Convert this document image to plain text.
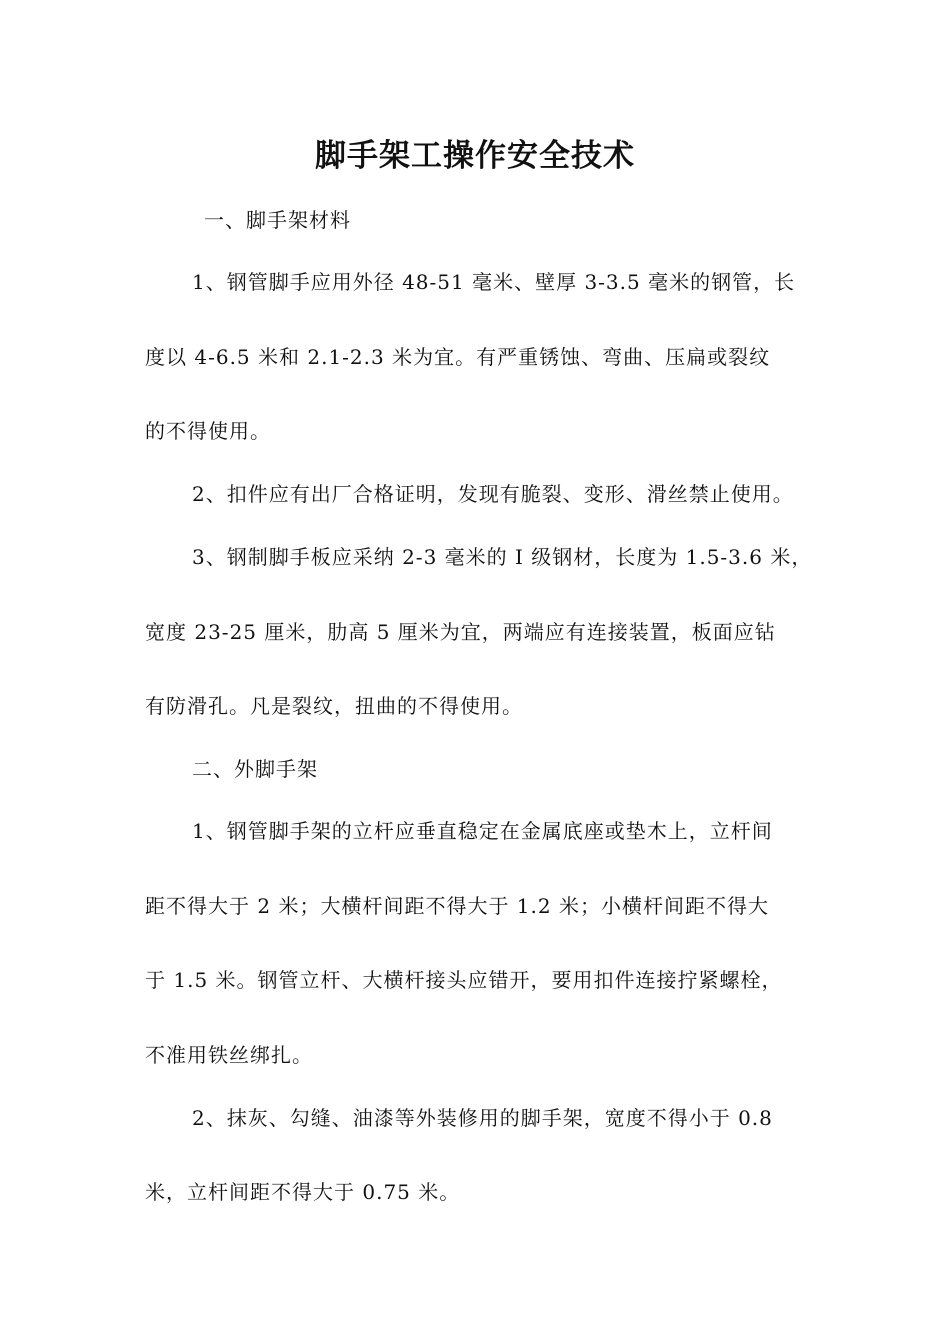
脚手架工操作安全技术

一、脚手架材料

1、钢管脚手应用外径 48-51 毫米、壁厚 3-3.5 毫米的钢管，长

度以 4-6.5 米和 2.1-2.3 米为宜。有严重锈蚀、弯曲、压扁或裂纹

的不得使用。

2、扣件应有出厂合格证明，发现有脆裂、变形、滑丝禁止使用。

3、钢制脚手板应采纳 2-3 毫米的 I 级钢材，长度为 1.5-3.6 米，

宽度 23-25 厘米，肋高 5 厘米为宜，两端应有连接装置，板面应钻

有防滑孔。凡是裂纹，扭曲的不得使用。

二、外脚手架

1、钢管脚手架的立杆应垂直稳定在金属底座或垫木上，立杆间

距不得大于 2 米；大横杆间距不得大于 1.2 米；小横杆间距不得大

于 1.5 米。钢管立杆、大横杆接头应错开，要用扣件连接拧紧螺栓，

不准用铁丝绑扎。

2、抹灰、勾缝、油漆等外装修用的脚手架，宽度不得小于 0.8

米，立杆间距不得大于 0.75 米。
